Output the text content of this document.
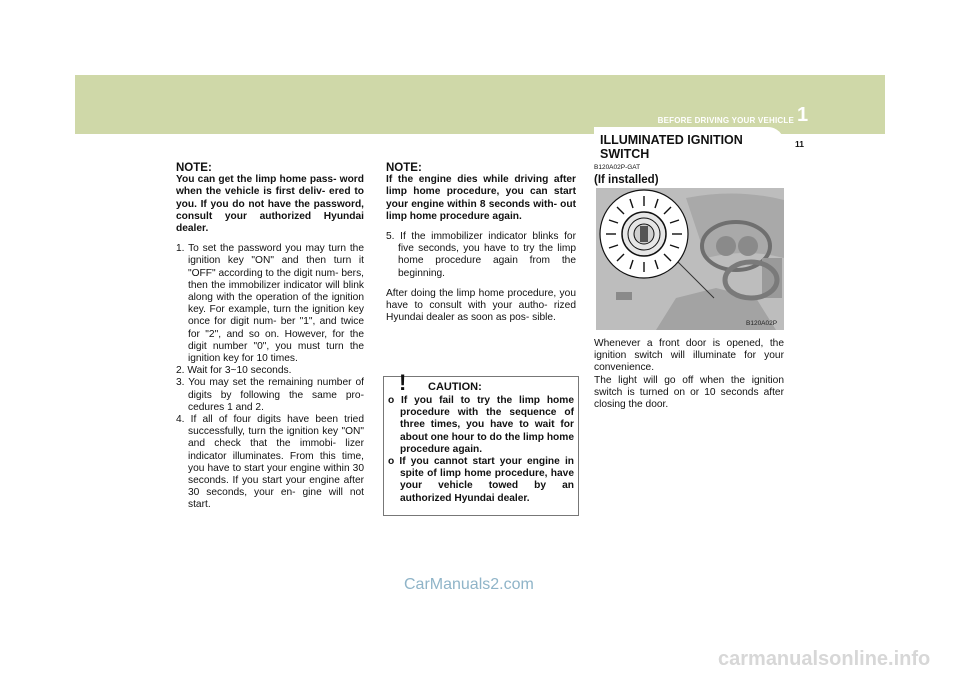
BEFORE DRIVING YOUR VEHICLE 1
ILLUMINATED IGNITION SWITCH
11
NOTE:
You can get the limp home pass- word when the vehicle is first deliv- ered to you. If you do not have the password, consult your authorized Hyundai dealer.
1. To set the password you may turn the ignition key "ON" and then turn it "OFF" according to the digit num- bers, then the immobilizer indicator will blink along with the operation of the ignition key. For example, turn the ignition key once for digit num- ber "1", and twice for "2", and so on. However, for the digit number "0", you must turn the ignition key for 10 times.
2. Wait for 3~10 seconds.
3. You may set the remaining number of digits by following the same pro- cedures 1 and 2.
4. If all of four digits have been tried successfully, turn the ignition key "ON" and check that the immobi- lizer indicator illuminates. From this time, you have to start your engine within 30 seconds. If you start your engine after 30 seconds, your en- gine will not start.
NOTE:
If the engine dies while driving after limp home procedure, you can start your engine within 8 seconds with- out limp home procedure again.
5. If the immobilizer indicator blinks for five seconds, you have to try the limp home procedure again from the beginning.
After doing the limp home procedure, you have to consult with your autho- rized Hyundai dealer as soon as pos- sible.
! CAUTION:
o If you fail to try the limp home procedure with the sequence of three times, you have to wait for about one hour to do the limp home procedure again.
o If you cannot start your engine in spite of limp home procedure, have your vehicle towed by an authorized Hyundai dealer.
B120A02P-GAT
(If installed)
B120A02P
Whenever a front door is opened, the ignition switch will illuminate for your convenience.
The light will go off when the ignition switch is turned on or 10 seconds after closing the door.
CarManuals2.com
carmanualsonline.info
